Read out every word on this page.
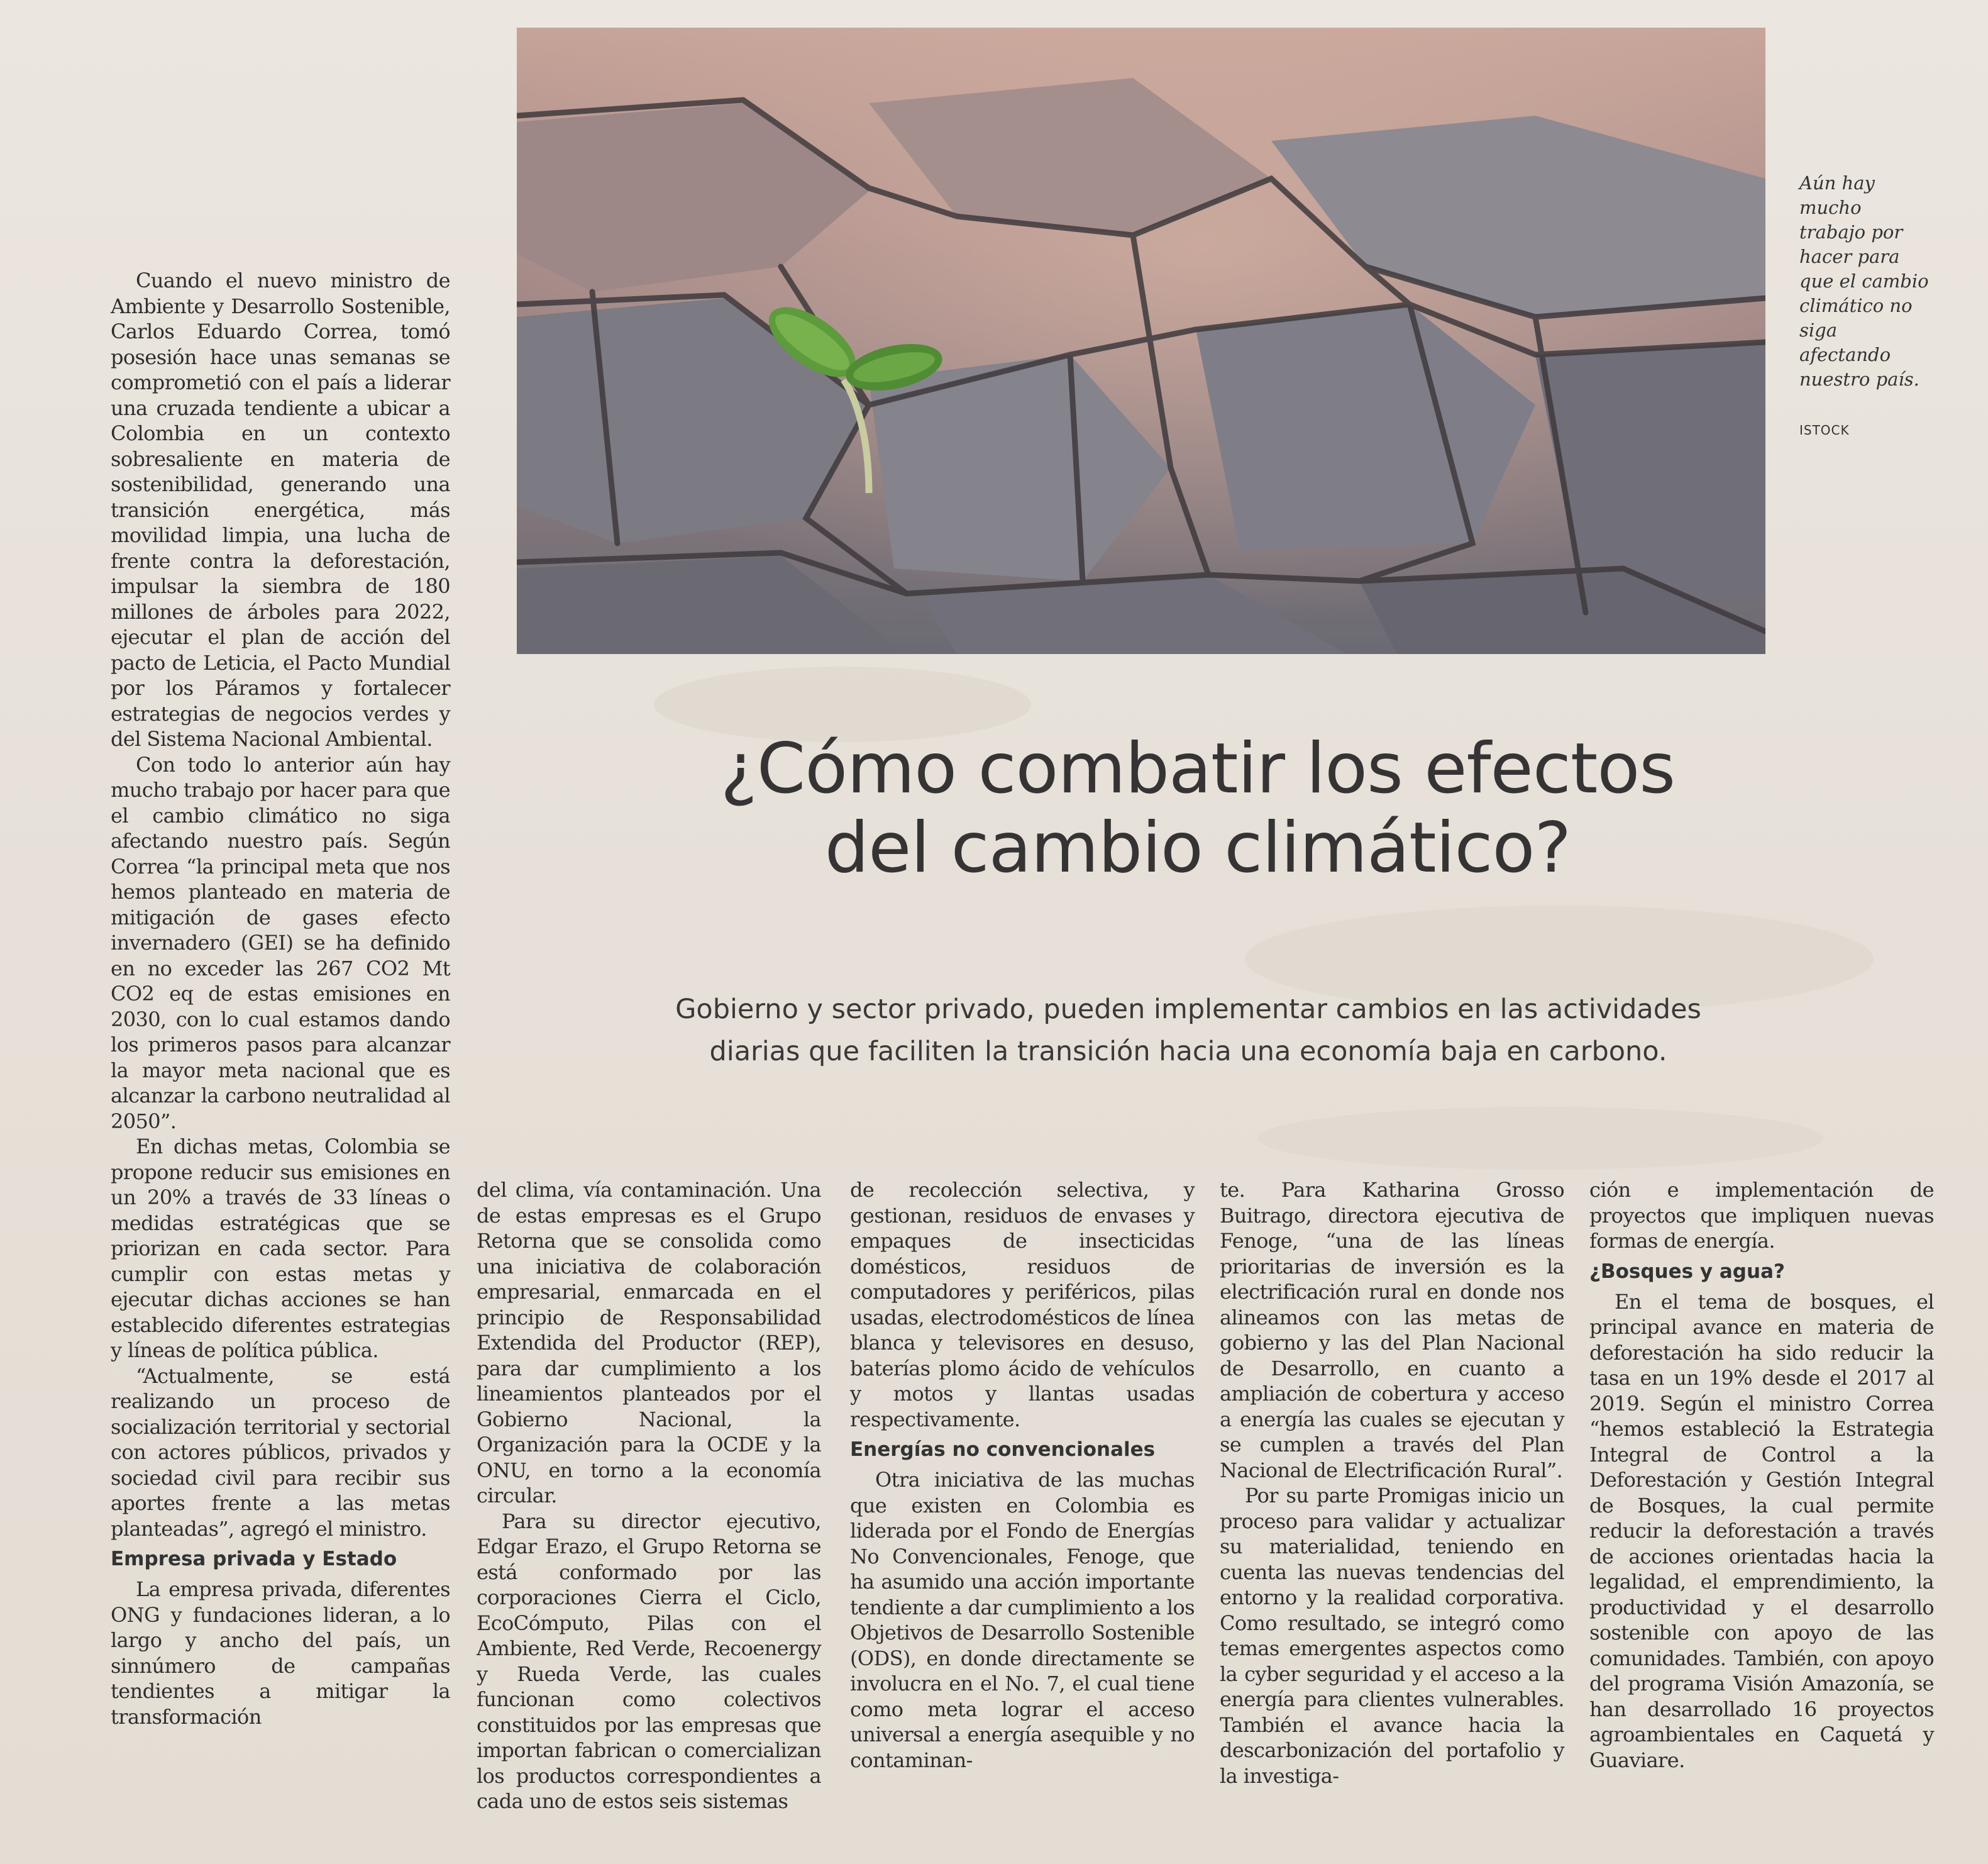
Aún hay mucho trabajo por hacer para que el cambio climático no siga afectando nuestro país.
ISTOCK
¿Cómo combatir los efectos
del cambio climático?
Gobierno y sector privado, pueden implementar cambios en las actividades
diarias que faciliten la transición hacia una economía baja en carbono.

Cuando el nuevo ministro de Ambiente y Desarrollo Sostenible, Carlos Eduardo Correa, tomó posesión hace unas semanas se comprometió con el país a liderar una cruzada tendiente a ubicar a Colombia en un contexto sobresaliente en materia de sostenibilidad, generando una transición energética, más movilidad limpia, una lucha de frente contra la deforestación, impulsar la siembra de 180 millones de árboles para 2022, ejecutar el plan de acción del pacto de Leticia, el Pacto Mundial por los Páramos y fortalecer estrategias de negocios verdes y del Sistema Nacional Ambiental.

Con todo lo anterior aún hay mucho trabajo por hacer para que el cambio climático no siga afectando nuestro país. Según Correa “la principal meta que nos hemos planteado en materia de mitigación de gases efecto invernadero (GEI) se ha definido en no exceder las 267 CO2 Mt CO2 eq de estas emisiones en 2030, con lo cual estamos dando los primeros pasos para alcanzar la mayor meta nacional que es alcanzar la carbono neutralidad al 2050”.

En dichas metas, Colombia se propone reducir sus emisiones en un 20% a través de 33 líneas o medidas estratégicas que se priorizan en cada sector. Para cumplir con estas metas y ejecutar dichas acciones se han establecido diferentes estrategias y líneas de política pública.

“Actualmente, se está realizando un proceso de socialización territorial y sectorial con actores públicos, privados y sociedad civil para recibir sus aportes frente a las metas planteadas”, agregó el ministro.

Empresa privada y Estado

La empresa privada, diferentes ONG y fundaciones lideran, a lo largo y ancho del país, un sinnúmero de campañas tendientes a mitigar la transformación

del clima, vía contaminación. Una de estas empresas es el Grupo Retorna que se consolida como una iniciativa de colaboración empresarial, enmarcada en el principio de Responsabilidad Extendida del Productor (REP), para dar cumplimiento a los lineamientos planteados por el Gobierno Nacional, la Organización para la OCDE y la ONU, en torno a la economía circular.

Para su director ejecutivo, Edgar Erazo, el Grupo Retorna se está conformado por las corporaciones Cierra el Ciclo, EcoCómputo, Pilas con el Ambiente, Red Verde, Recoenergy y Rueda Verde, las cuales funcionan como colectivos constituidos por las empresas que importan fabrican o comercializan los productos correspondientes a cada uno de estos seis sistemas

de recolección selectiva, y gestionan, residuos de envases y empaques de insecticidas domésticos, residuos de computadores y periféricos, pilas usadas, electrodomésticos de línea blanca y televisores en desuso, baterías plomo ácido de vehículos y motos y llantas usadas respectivamente.

Energías no convencionales

Otra iniciativa de las muchas que existen en Colombia es liderada por el Fondo de Energías No Convencionales, Fenoge, que ha asumido una acción importante tendiente a dar cumplimiento a los Objetivos de Desarrollo Sostenible (ODS), en donde directamente se involucra en el No. 7, el cual tiene como meta lograr el acceso universal a energía asequible y no contaminan-

te. Para Katharina Grosso Buitrago, directora ejecutiva de Fenoge, “una de las líneas prioritarias de inversión es la electrificación rural en donde nos alineamos con las metas de gobierno y las del Plan Nacional de Desarrollo, en cuanto a ampliación de cobertura y acceso a energía las cuales se ejecutan y se cumplen a través del Plan Nacional de Electrificación Rural”.

Por su parte Promigas inicio un proceso para validar y actualizar su materialidad, teniendo en cuenta las nuevas tendencias del entorno y la realidad corporativa. Como resultado, se integró como temas emergentes aspectos como la cyber seguridad y el acceso a la energía para clientes vulnerables. También el avance hacia la descarbonización del portafolio y la investiga-

ción e implementación de proyectos que impliquen nuevas formas de energía.

¿Bosques y agua?

En el tema de bosques, el principal avance en materia de deforestación ha sido reducir la tasa en un 19% desde el 2017 al 2019. Según el ministro Correa “hemos estableció la Estrategia Integral de Control a la Deforestación y Gestión Integral de Bosques, la cual permite reducir la deforestación a través de acciones orientadas hacia la legalidad, el emprendimiento, la productividad y el desarrollo sostenible con apoyo de las comunidades. También, con apoyo del programa Visión Amazonía, se han desarrollado 16 proyectos agroambientales en Caquetá y Guaviare.
